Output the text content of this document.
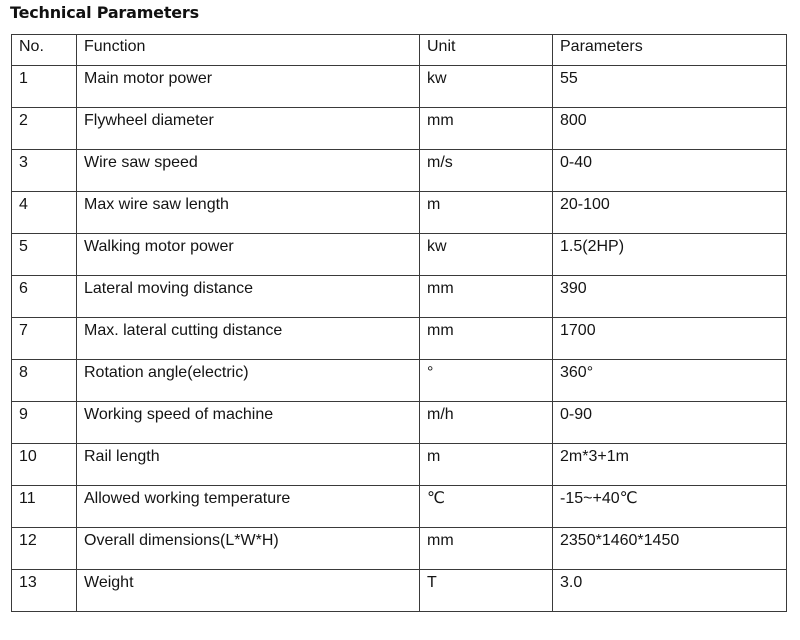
Technical Parameters
No.	Function	Unit	Parameters
1	Main motor power	kw	55
2	Flywheel diameter	mm	800
3	Wire saw speed	m/s	0-40
4	Max wire saw length	m	20-100
5	Walking motor power	kw	1.5(2HP)
6	Lateral moving distance	mm	390
7	Max. lateral cutting distance	mm	1700
8	Rotation angle(electric)	°	360°
9	Working speed of machine	m/h	0-90
10	Rail length	m	2m*3+1m
11	Allowed working temperature	℃	-15~+40℃
12	Overall dimensions(L*W*H)	mm	2350*1460*1450
13	Weight	T	3.0
